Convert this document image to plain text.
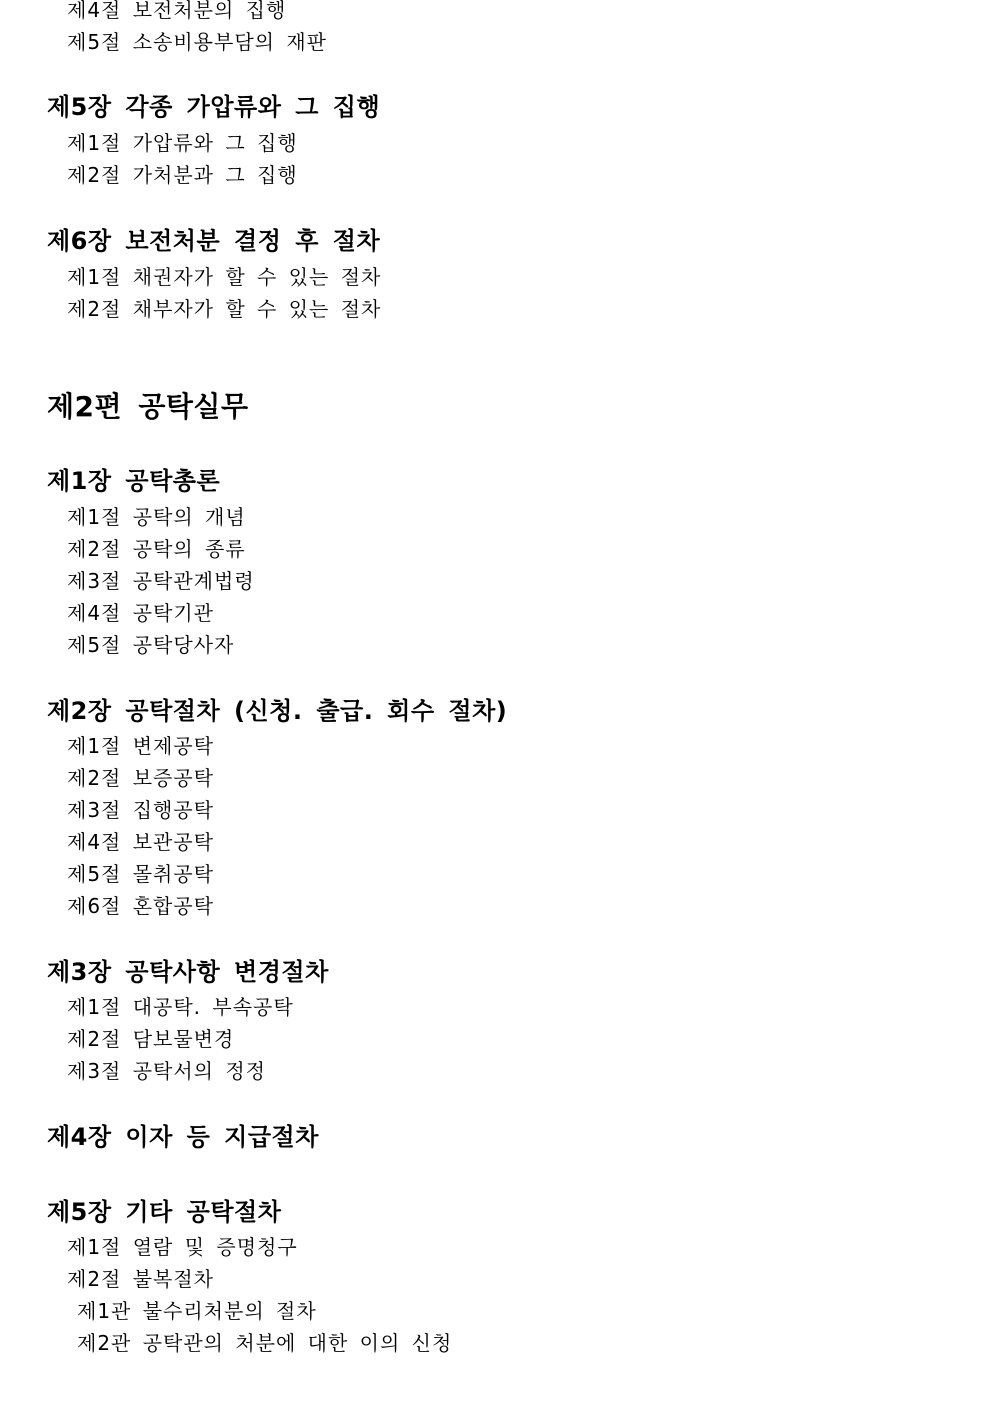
제4절 보전처분의 집행
제5절 소송비용부담의 재판
제5장 각종 가압류와 그 집행
제1절 가압류와 그 집행
제2절 가처분과 그 집행
제6장 보전처분 결정 후 절차
제1절 채권자가 할 수 있는 절차
제2절 채부자가 할 수 있는 절차
제2편 공탁실무
제1장 공탁총론
제1절 공탁의 개념
제2절 공탁의 종류
제3절 공탁관계법령
제4절 공탁기관
제5절 공탁당사자
제2장 공탁절차 (신청. 출급. 회수 절차)
제1절 변제공탁
제2절 보증공탁
제3절 집행공탁
제4절 보관공탁
제5절 몰취공탁
제6절 혼합공탁
제3장 공탁사항 변경절차
제1절 대공탁. 부속공탁
제2절 담보물변경
제3절 공탁서의 정정
제4장 이자 등 지급절차
제5장 기타 공탁절차
제1절 열람 및 증명청구
제2절 불복절차
제1관 불수리처분의 절차
제2관 공탁관의 처분에 대한 이의 신청
